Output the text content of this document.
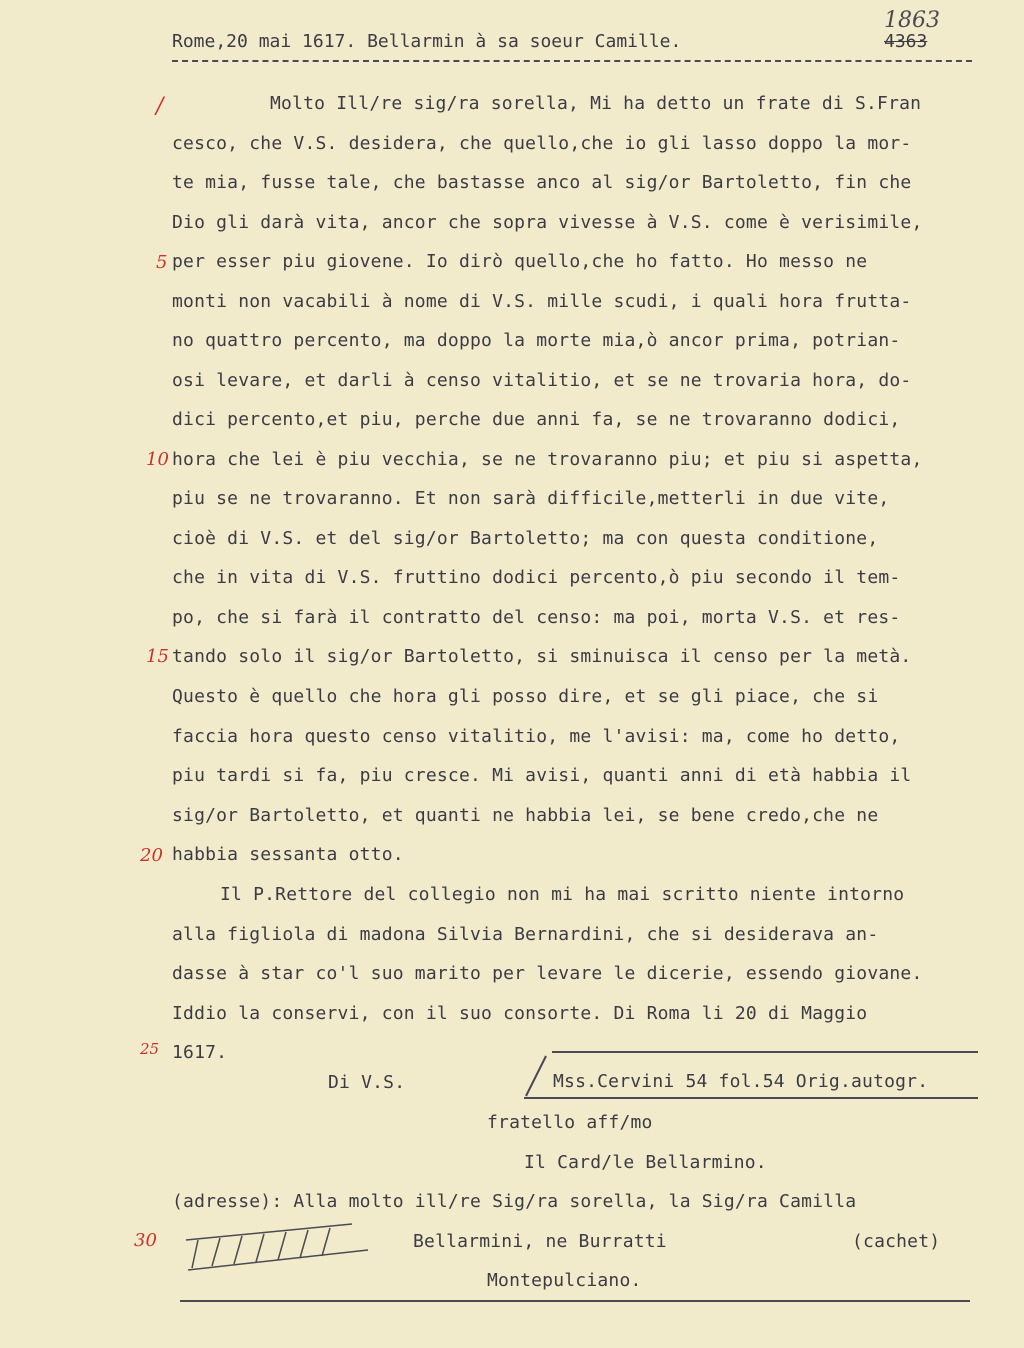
Rome,20 mai 1617. Bellarmin à sa soeur Camille.
1863
4363
Molto Ill/re sig/ra sorella, Mi ha detto un frate di S.Fran
cesco, che V.S. desidera, che quello,che io gli lasso doppo la mor-
te mia, fusse tale, che bastasse anco al sig/or Bartoletto, fin che
Dio gli darà vita, ancor che sopra vivesse à V.S. come è verisimile,
per esser piu giovene. Io dirò quello,che ho fatto. Ho messo ne
monti non vacabili à nome di V.S. mille scudi, i quali hora frutta-
no quattro percento, ma doppo la morte mia,ò ancor prima, potrian-
osi levare, et darli à censo vitalitio, et se ne trovaria hora, do-
dici percento,et piu, perche due anni fa, se ne trovaranno dodici,
hora che lei è piu vecchia, se ne trovaranno piu; et piu si aspetta,
piu se ne trovaranno. Et non sarà difficile,metterli in due vite,
cioè di V.S. et del sig/or Bartoletto; ma con questa conditione,
che in vita di V.S. fruttino dodici percento,ò piu secondo il tem-
po, che si farà il contratto del censo: ma poi, morta V.S. et res-
tando solo il sig/or Bartoletto, si sminuisca il censo per la metà.
Questo è quello che hora gli posso dire, et se gli piace, che si
faccia hora questo censo vitalitio, me l'avisi: ma, come ho detto,
piu tardi si fa, piu cresce. Mi avisi, quanti anni di età habbia il
sig/or Bartoletto, et quanti ne habbia lei, se bene credo,che ne
habbia sessanta otto.
Il P.Rettore del collegio non mi ha mai scritto niente intorno
alla figliola di madona Silvia Bernardini, che si desiderava an-
dasse à star co'l suo marito per levare le dicerie, essendo giovane.
Iddio la conservi, con il suo consorte. Di Roma li 20 di Maggio
1617.
/
5
10
15
20
25
30
Di V.S.	Mss.Cervini 54 fol.54 Orig.autogr.
fratello aff/mo
Il Card/le Bellarmino.
(adresse): Alla molto ill/re Sig/ra sorella, la Sig/ra Camilla
Bellarmini, ne Burratti	(cachet)
Montepulciano.
